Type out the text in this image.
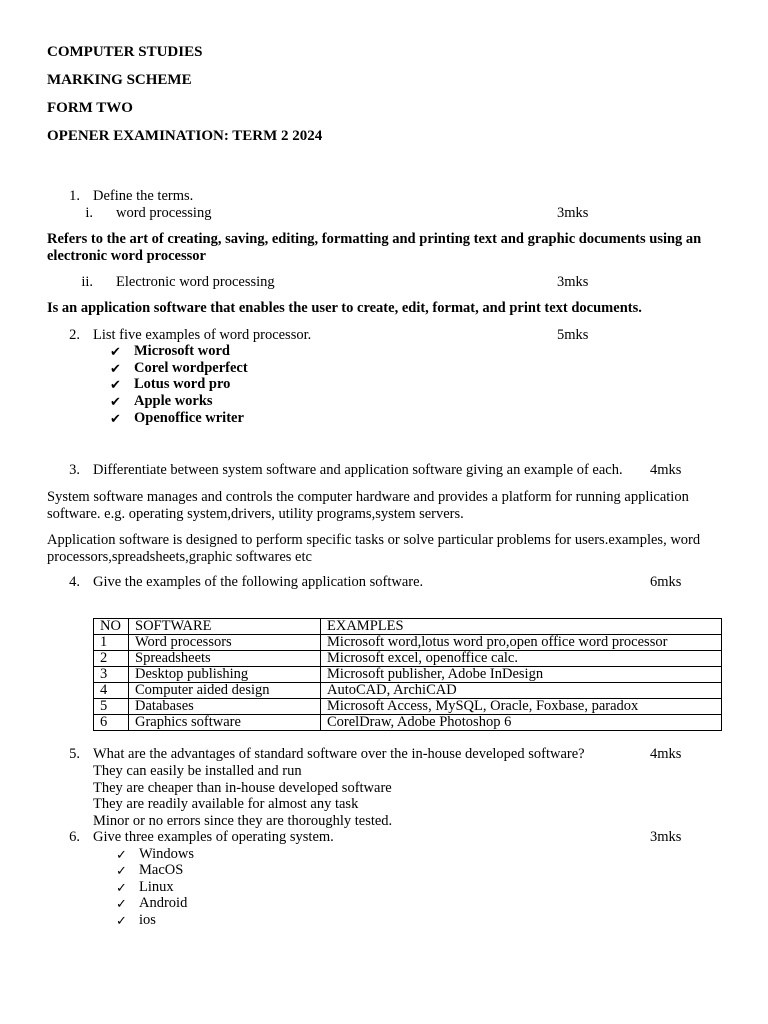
COMPUTER STUDIES
MARKING SCHEME
FORM TWO
OPENER EXAMINATION: TERM 2 2024
1. Define the terms.
i. word processing	3mks
Refers to the art of creating, saving, editing, formatting and printing text and graphic documents using an electronic word processor
ii. Electronic word processing	3mks
Is an application software that enables the user to create, edit, format, and print text documents.
2. List five examples of word processor.	5mks
✔ Microsoft word
✔ Corel wordperfect
✔ Lotus word pro
✔ Apple works
✔ Openoffice writer
3. Differentiate between system software and application software giving an example of each. 4mks
System software manages and controls the computer hardware and provides a platform for running application software. e.g. operating system,drivers, utility programs,system servers.
Application software is designed to perform specific tasks or solve particular problems for users.examples, word processors,spreadsheets,graphic softwares etc
4. Give the examples of the following application software.	6mks
NO	SOFTWARE	EXAMPLES
1	Word processors	Microsoft word,lotus word pro,open office word processor
2	Spreadsheets	Microsoft excel, openoffice calc.
3	Desktop publishing	Microsoft publisher, Adobe InDesign
4	Computer aided design	AutoCAD, ArchiCAD
5	Databases	Microsoft Access, MySQL, Oracle, Foxbase, paradox
6	Graphics software	CorelDraw, Adobe Photoshop 6
5. What are the advantages of standard software over the in-house developed software?	4mks
They can easily be installed and run
They are cheaper than in-house developed software
They are readily available for almost any task
Minor or no errors since they are thoroughly tested.
6. Give three examples of operating system.	3mks
✓ Windows
✓ MacOS
✓ Linux
✓ Android
✓ ios
